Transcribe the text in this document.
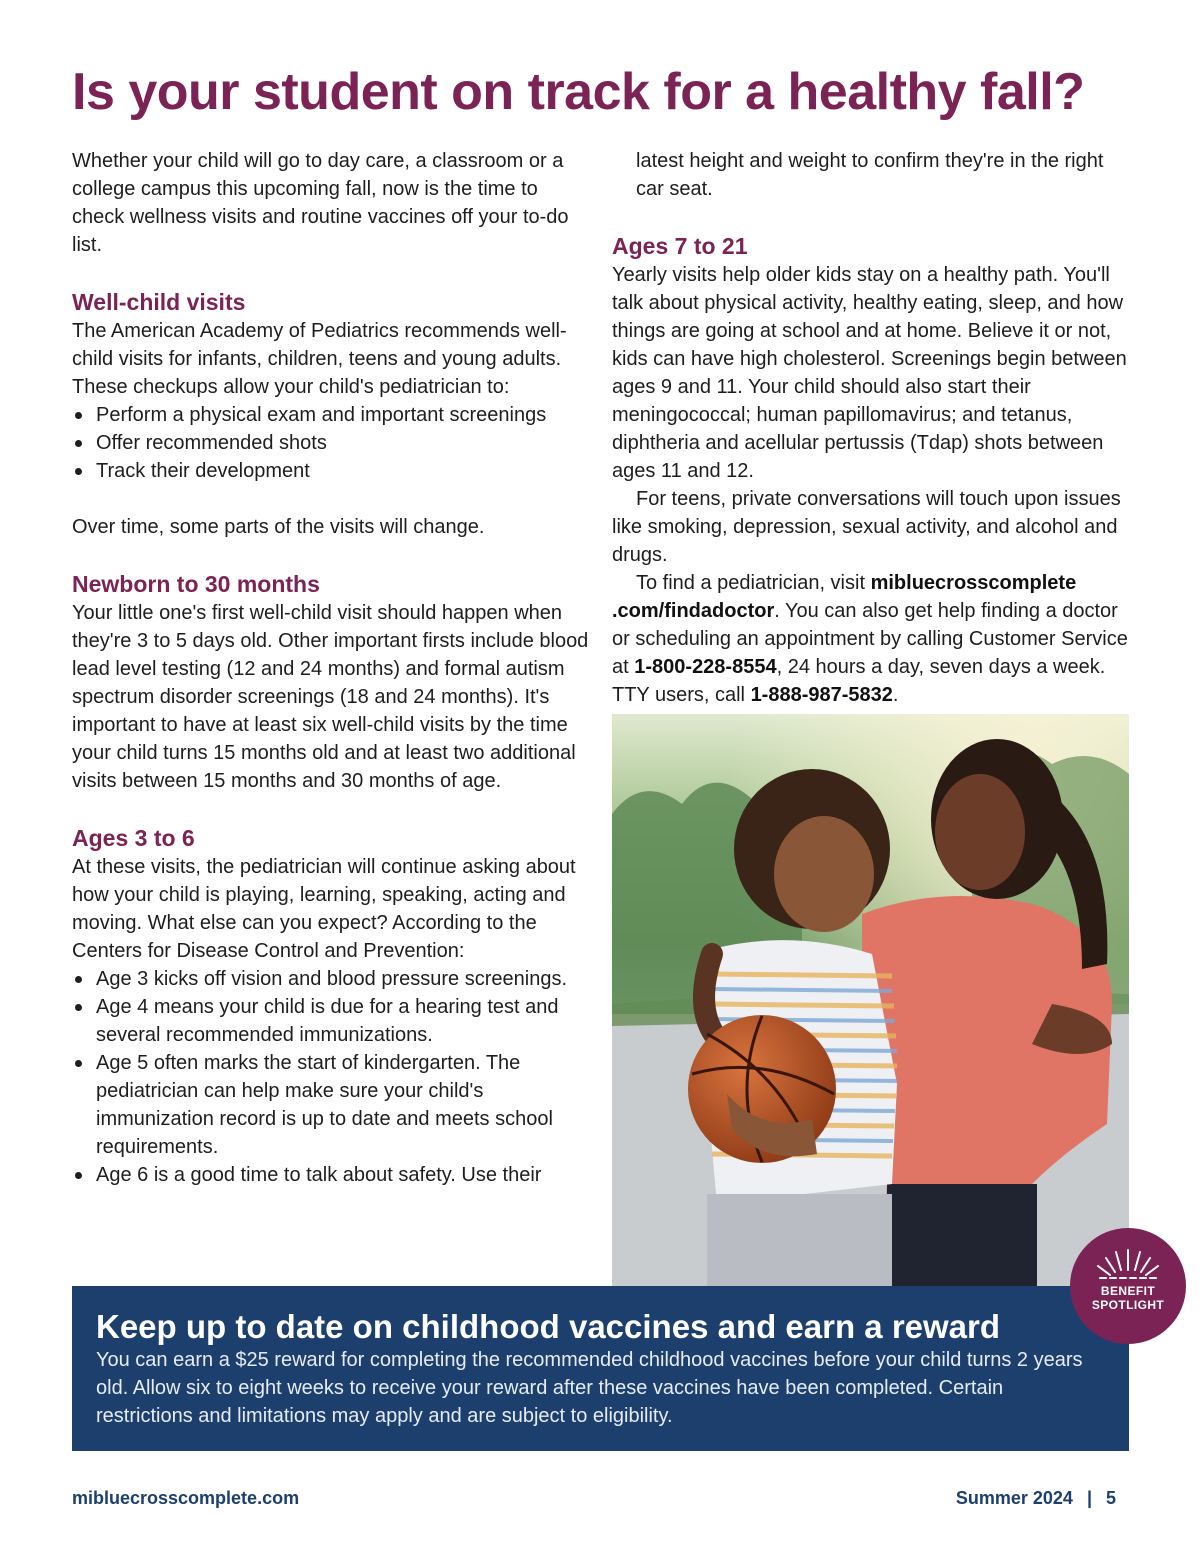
Is your student on track for a healthy fall?

Whether your child will go to day care, a classroom or a college campus this upcoming fall, now is the time to check wellness visits and routine vaccines off your to-do list.

Well-child visits

The American Academy of Pediatrics recommends well-child visits for infants, children, teens and young adults. These checkups allow your child's pediatrician to:

Perform a physical exam and important screenings
Offer recommended shots
Track their development

Over time, some parts of the visits will change.

Newborn to 30 months

Your little one's first well-child visit should happen when they're 3 to 5 days old. Other important firsts include blood lead level testing (12 and 24 months) and formal autism spectrum disorder screenings (18 and 24 months). It's important to have at least six well-child visits by the time your child turns 15 months old and at least two additional visits between 15 months and 30 months of age.

Ages 3 to 6

At these visits, the pediatrician will continue asking about how your child is playing, learning, speaking, acting and moving. What else can you expect? According to the Centers for Disease Control and Prevention:

Age 3 kicks off vision and blood pressure screenings.
Age 4 means your child is due for a hearing test and several recommended immunizations.
Age 5 often marks the start of kindergarten. The pediatrician can help make sure your child's immunization record is up to date and meets school requirements.
Age 6 is a good time to talk about safety. Use their

latest height and weight to confirm they're in the right car seat.

Ages 7 to 21

Yearly visits help older kids stay on a healthy path. You'll talk about physical activity, healthy eating, sleep, and how things are going at school and at home. Believe it or not, kids can have high cholesterol. Screenings begin between ages 9 and 11. Your child should also start their meningococcal; human papillomavirus; and tetanus, diphtheria and acellular pertussis (Tdap) shots between ages 11 and 12.

For teens, private conversations will touch upon issues like smoking, depression, sexual activity, and alcohol and drugs.

To find a pediatrician, visit mibluecrosscomplete .com/findadoctor. You can also get help finding a doctor or scheduling an appointment by calling Customer Service at 1-800-228-8554, 24 hours a day, seven days a week. TTY users, call 1-888-987-5832.

Keep up to date on childhood vaccines and earn a reward

You can earn a $25 reward for completing the recommended childhood vaccines before your child turns 2 years old. Allow six to eight weeks to receive your reward after these vaccines have been completed. Certain restrictions and limitations may apply and are subject to eligibility.

BENEFIT
SPOTLIGHT
mibluecrosscomplete.com	Summer 2024 | 5
